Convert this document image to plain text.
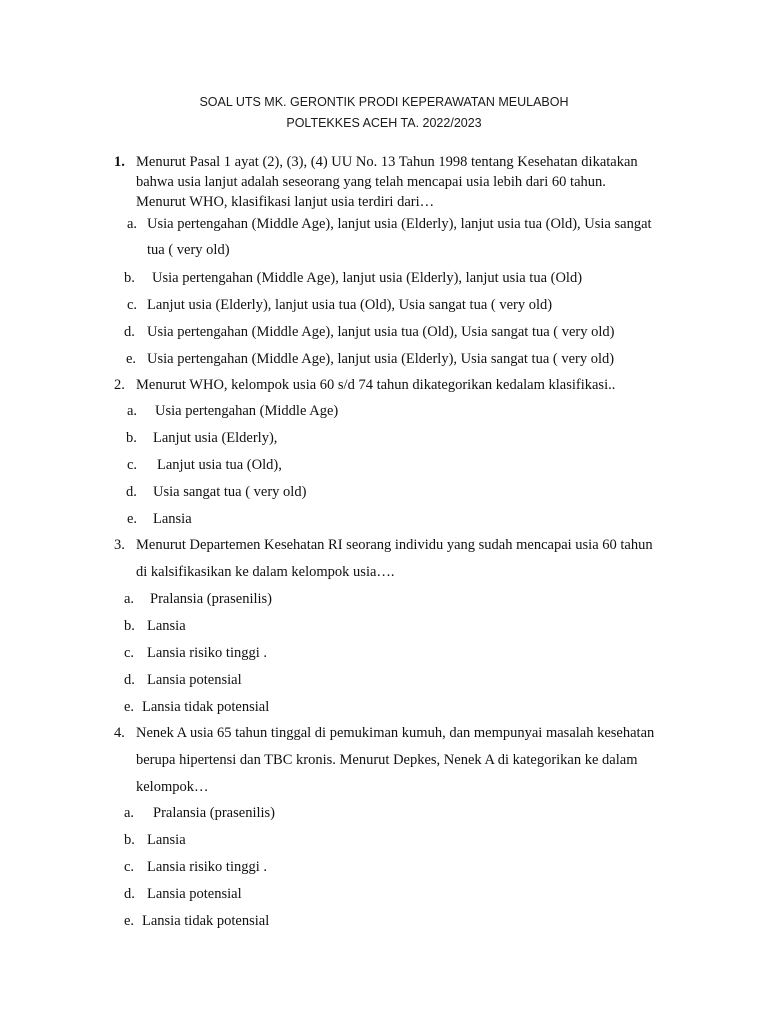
SOAL UTS MK. GERONTIK PRODI KEPERAWATAN MEULABOH
POLTEKKES ACEH TA. 2022/2023
1. Menurut Pasal 1 ayat (2), (3), (4) UU No. 13 Tahun 1998 tentang Kesehatan dikatakan
bahwa usia lanjut adalah seseorang yang telah mencapai usia lebih dari 60 tahun.
Menurut WHO, klasifikasi lanjut usia terdiri dari…
a. Usia pertengahan (Middle Age), lanjut usia (Elderly), lanjut usia tua (Old), Usia sangat
tua ( very old)
b. Usia pertengahan (Middle Age), lanjut usia (Elderly), lanjut usia tua (Old)
c. Lanjut usia (Elderly), lanjut usia tua (Old), Usia sangat tua ( very old)
d. Usia pertengahan (Middle Age), lanjut usia tua (Old), Usia sangat tua ( very old)
e. Usia pertengahan (Middle Age), lanjut usia (Elderly), Usia sangat tua ( very old)
2. Menurut WHO, kelompok usia 60 s/d 74 tahun dikategorikan kedalam klasifikasi..
a. Usia pertengahan (Middle Age)
b. Lanjut usia (Elderly),
c. Lanjut usia tua (Old),
d. Usia sangat tua ( very old)
e. Lansia
3. Menurut Departemen Kesehatan RI seorang individu yang sudah mencapai usia 60 tahun
di kalsifikasikan ke dalam kelompok usia….
a. Pralansia (prasenilis)
b. Lansia
c. Lansia risiko tinggi .
d. Lansia potensial
e. Lansia tidak potensial
4. Nenek A usia 65 tahun tinggal di pemukiman kumuh, dan mempunyai masalah kesehatan
berupa hipertensi dan TBC kronis. Menurut Depkes, Nenek A di kategorikan ke dalam
kelompok…
a. Pralansia (prasenilis)
b. Lansia
c. Lansia risiko tinggi .
d. Lansia potensial
e. Lansia tidak potensial
